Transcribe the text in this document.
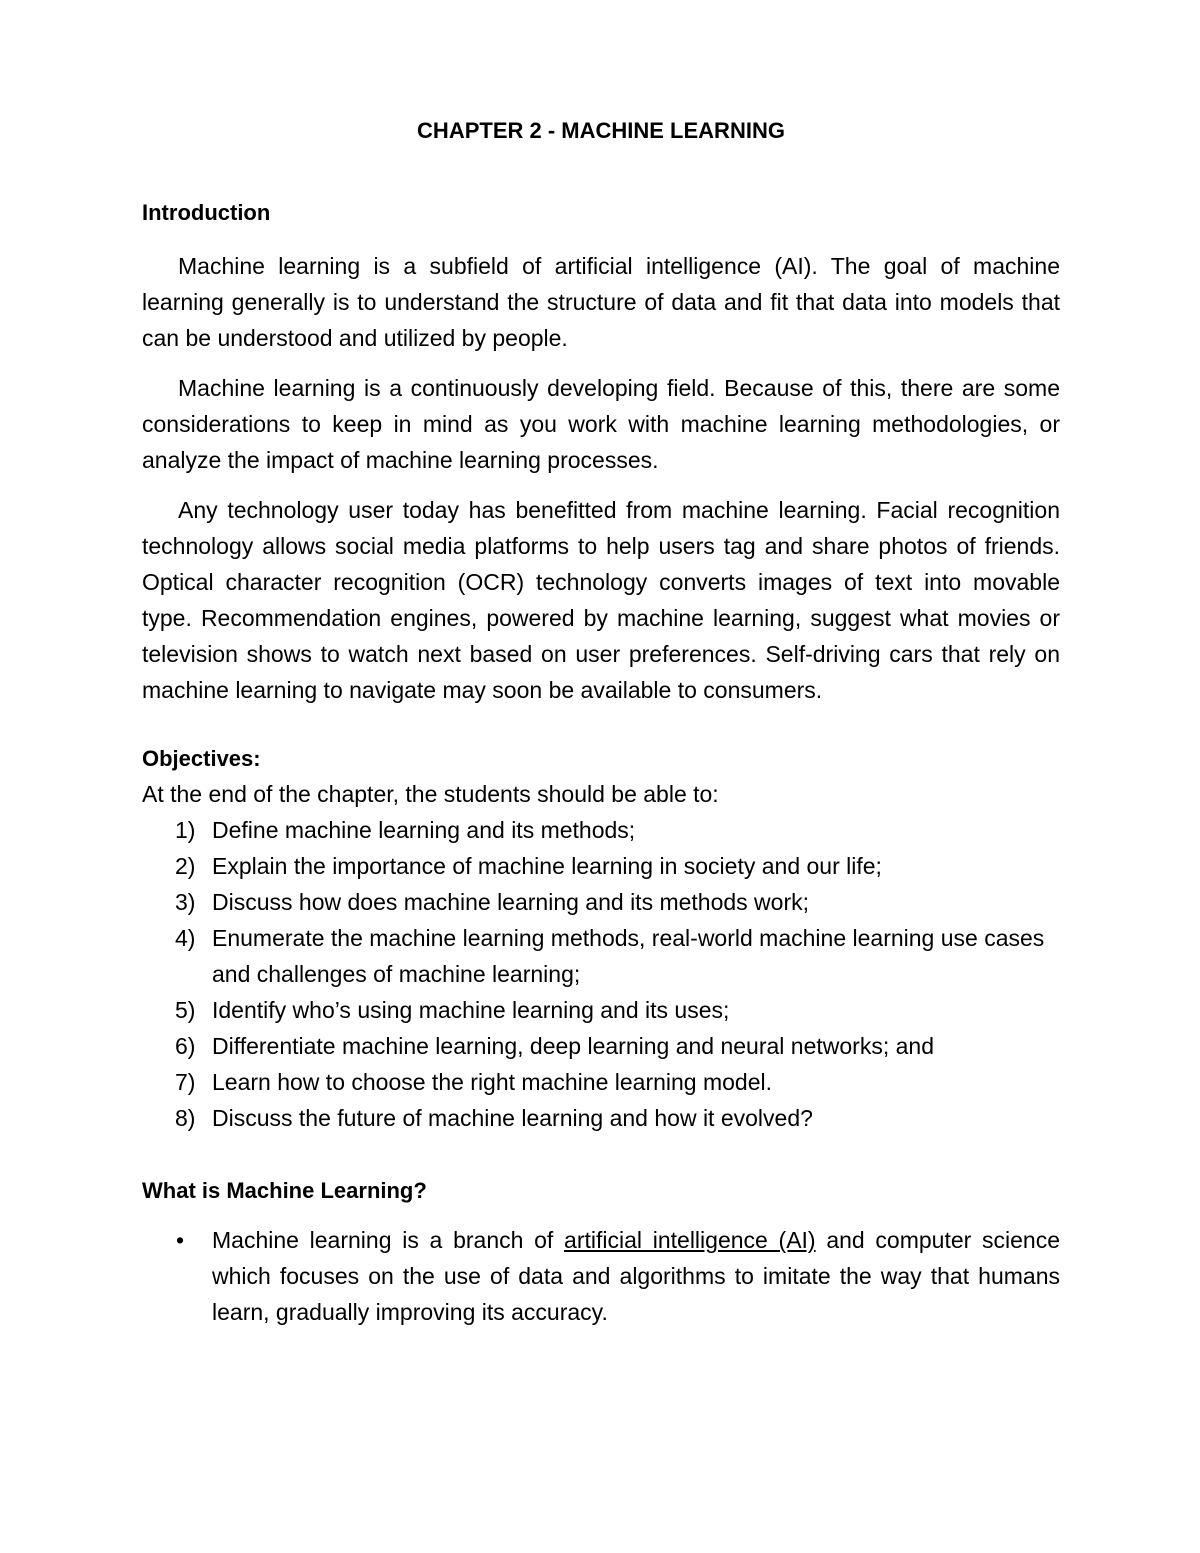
CHAPTER 2 - MACHINE LEARNING
Introduction

Machine learning is a subfield of artificial intelligence (AI). The goal of machine learning generally is to understand the structure of data and fit that data into models that can be understood and utilized by people.

Machine learning is a continuously developing field. Because of this, there are some considerations to keep in mind as you work with machine learning methodologies, or analyze the impact of machine learning processes.

Any technology user today has benefitted from machine learning. Facial recognition technology allows social media platforms to help users tag and share photos of friends. Optical character recognition (OCR) technology converts images of text into movable type. Recommendation engines, powered by machine learning, suggest what movies or television shows to watch next based on user preferences. Self-driving cars that rely on machine learning to navigate may soon be available to consumers.

Objectives:

At the end of the chapter, the students should be able to:

1) Define machine learning and its methods;
2) Explain the importance of machine learning in society and our life;
3) Discuss how does machine learning and its methods work;
4) Enumerate the machine learning methods, real-world machine learning use cases and challenges of machine learning;
5) Identify who’s using machine learning and its uses;
6) Differentiate machine learning, deep learning and neural networks; and
7) Learn how to choose the right machine learning model.
8) Discuss the future of machine learning and how it evolved?
What is Machine Learning?
• Machine learning is a branch of artificial intelligence (AI) and computer science which focuses on the use of data and algorithms to imitate the way that humans learn, gradually improving its accuracy.
